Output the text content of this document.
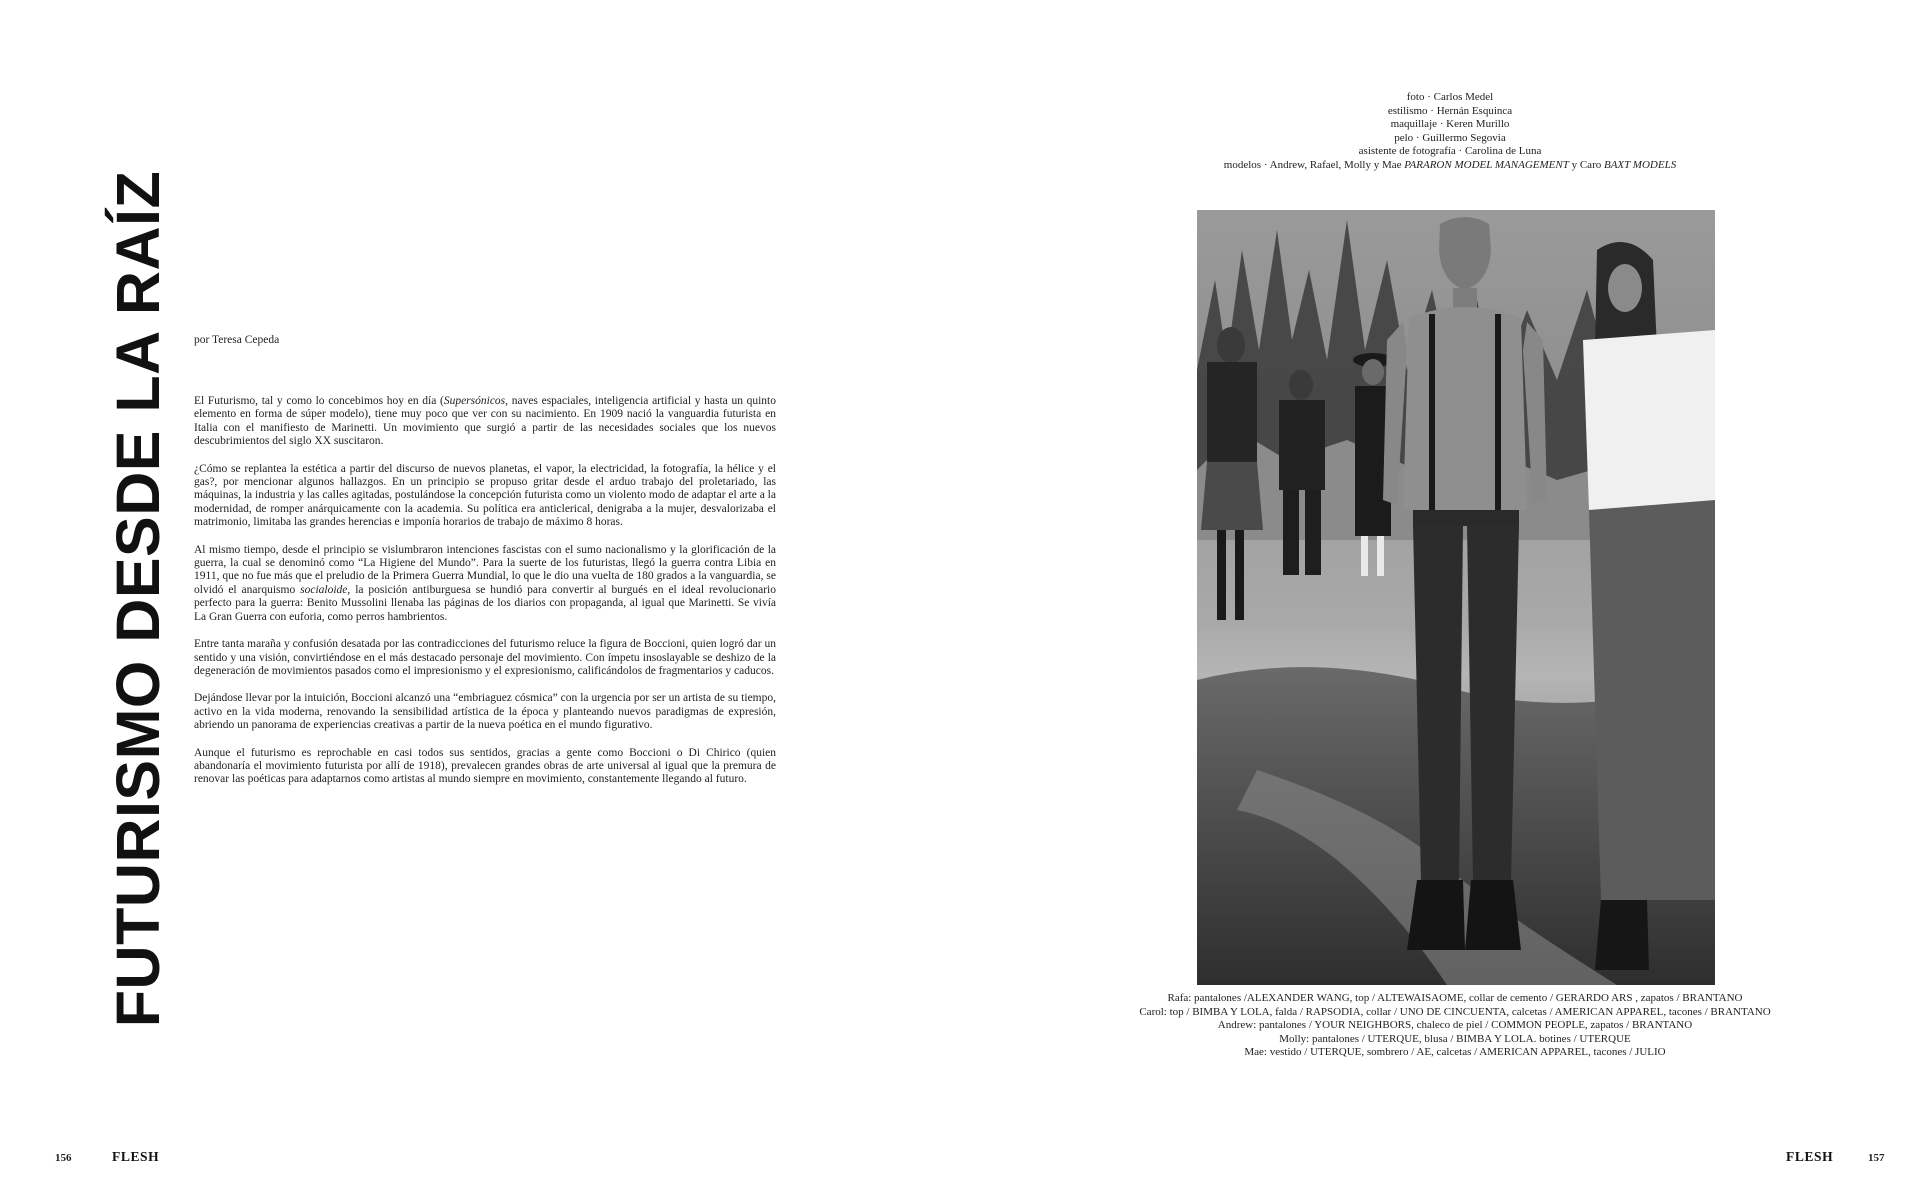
FUTURISMO DESDE LA RAÍZ por Teresa Cepeda

El Futurismo, tal y como lo concebimos hoy en día (Supersónicos, naves espaciales, inteligencia artificial y hasta un quinto elemento en forma de súper modelo), tiene muy poco que ver con su nacimiento. En 1909 nació la vanguardia futurista en Italia con el manifiesto de Marinetti. Un movimiento que surgió a partir de las necesidades sociales que los nuevos descubrimientos del siglo XX suscitaron.

¿Cómo se replantea la estética a partir del discurso de nuevos planetas, el vapor, la electricidad, la fotografía, la hélice y el gas?, por mencionar algunos hallazgos. En un principio se propuso gritar desde el arduo trabajo del proletariado, las máquinas, la industria y las calles agitadas, postulándose la concepción futurista como un violento modo de adaptar el arte a la modernidad, de romper anárquicamente con la academia. Su política era anticlerical, denigraba a la mujer, desvalorizaba el matrimonio, limitaba las grandes herencias e imponía horarios de trabajo de máximo 8 horas.

Al mismo tiempo, desde el principio se vislumbraron intenciones fascistas con el sumo nacionalismo y la glorificación de la guerra, la cual se denominó como “La Higiene del Mundo”. Para la suerte de los futuristas, llegó la guerra contra Libia en 1911, que no fue más que el preludio de la Primera Guerra Mundial, lo que le dio una vuelta de 180 grados a la vanguardia, se olvidó el anarquismo socialoide, la posición antiburguesa se hundió para convertir al burgués en el ideal revolucionario perfecto para la guerra: Benito Mussolini llenaba las páginas de los diarios con propaganda, al igual que Marinetti. Se vivía La Gran Guerra con euforia, como perros hambrientos.

Entre tanta maraña y confusión desatada por las contradicciones del futurismo reluce la figura de Boccioni, quien logró dar un sentido y una visión, convirtiéndose en el más destacado personaje del movimiento. Con ímpetu insoslayable se deshizo de la degeneración de movimientos pasados como el impresionismo y el expresionismo, calificándolos de fragmentarios y caducos.

Dejándose llevar por la intuición, Boccioni alcanzó una “embriaguez cósmica” con la urgencia por ser un artista de su tiempo, activo en la vida moderna, renovando la sensibilidad artística de la época y planteando nuevos paradigmas de expresión, abriendo un panorama de experiencias creativas a partir de la nueva poética en el mundo figurativo.

Aunque el futurismo es reprochable en casi todos sus sentidos, gracias a gente como Boccioni o Di Chirico (quien abandonaría el movimiento futurista por allí de 1918), prevalecen grandes obras de arte universal al igual que la premura de renovar las poéticas para adaptarnos como artistas al mundo siempre en movimiento, constantemente llegando al futuro.

foto · Carlos Medel
estilismo · Hernán Esquinca
maquillaje · Keren Murillo
pelo · Guillermo Segovia
asistente de fotografía · Carolina de Luna
modelos · Andrew, Rafael, Molly y Mae PARARON MODEL MANAGEMENT y Caro BAXT MODELS
Rafa: pantalones /ALEXANDER WANG, top / ALTEWAISAOME, collar de cemento / GERARDO ARS , zapatos / BRANTANO
Carol: top / BIMBA Y LOLA, falda / RAPSODIA, collar / UNO DE CINCUENTA, calcetas / AMERICAN APPAREL, tacones / BRANTANO
Andrew: pantalones / YOUR NEIGHBORS, chaleco de piel / COMMON PEOPLE, zapatos / BRANTANO
Molly: pantalones / UTERQUE, blusa / BIMBA Y LOLA. botines / UTERQUE
Mae: vestido / UTERQUE, sombrero / AE, calcetas / AMERICAN APPAREL, tacones / JULIO
156	FLESH	FLESH	157
